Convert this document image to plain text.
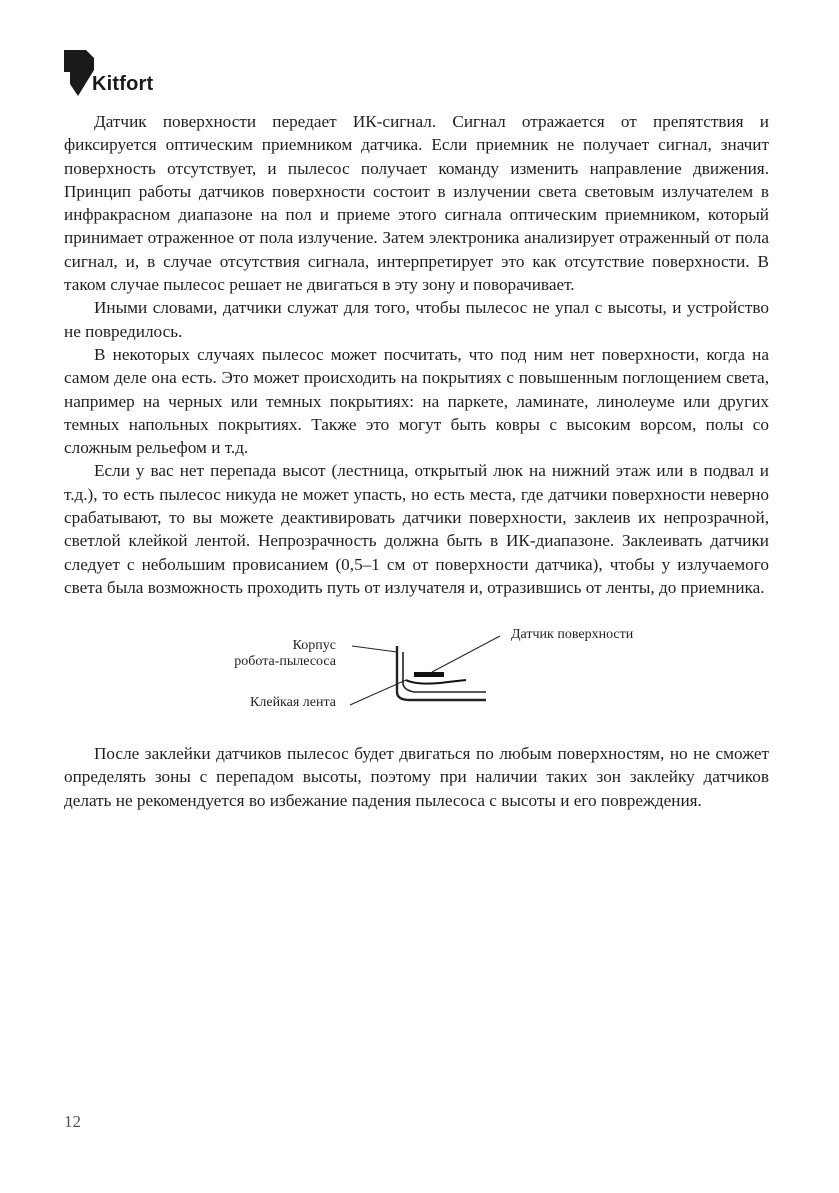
Kitfort

Датчик поверхности передает ИК-сигнал. Сигнал отражается от препятствия и фиксируется оптическим приемником датчика. Если приемник не получает сигнал, значит поверхность отсутствует, и пылесос получает команду изменить направление движения. Принцип работы датчиков поверхности состоит в излучении света световым излучателем в инфракрасном диапазоне на пол и приеме этого сигнала оптическим приемником, который принимает отраженное от пола излучение. Затем электроника анализирует отраженный от пола сигнал, и, в случае отсутствия сигнала, интерпретирует это как отсутствие поверхности. В таком случае пылесос решает не двигаться в эту зону и поворачивает.

Иными словами, датчики служат для того, чтобы пылесос не упал с высоты, и устройство не повредилось.

В некоторых случаях пылесос может посчитать, что под ним нет поверхности, когда на самом деле она есть. Это может происходить на покрытиях с повышенным поглощением света, например на черных или темных покрытиях: на паркете, ламинате, линолеуме или других темных напольных покрытиях. Также это могут быть ковры с высоким ворсом, полы со сложным рельефом и т.д.

Если у вас нет перепада высот (лестница, открытый люк на нижний этаж или в подвал и т.д.), то есть пылесос никуда не может упасть, но есть места, где датчики поверхности неверно срабатывают, то вы можете деактивировать датчики поверхности, заклеив их непрозрачной, светлой клейкой лентой. Непрозрачность должна быть в ИК-диапазоне. Заклеивать датчики следует с небольшим провисанием (0,5–1 см от поверхности датчика), чтобы у излучаемого света была возможность проходить путь от излучателя и, отразившись от ленты, до приемника.

Корпус
робота-пылесоса
Датчик поверхности
Клейкая лента

После заклейки датчиков пылесос будет двигаться по любым поверхностям, но не сможет определять зоны с перепадом высоты, поэтому при наличии таких зон заклейку датчиков делать не рекомендуется во избежание падения пылесоса с высоты и его повреждения.

12
